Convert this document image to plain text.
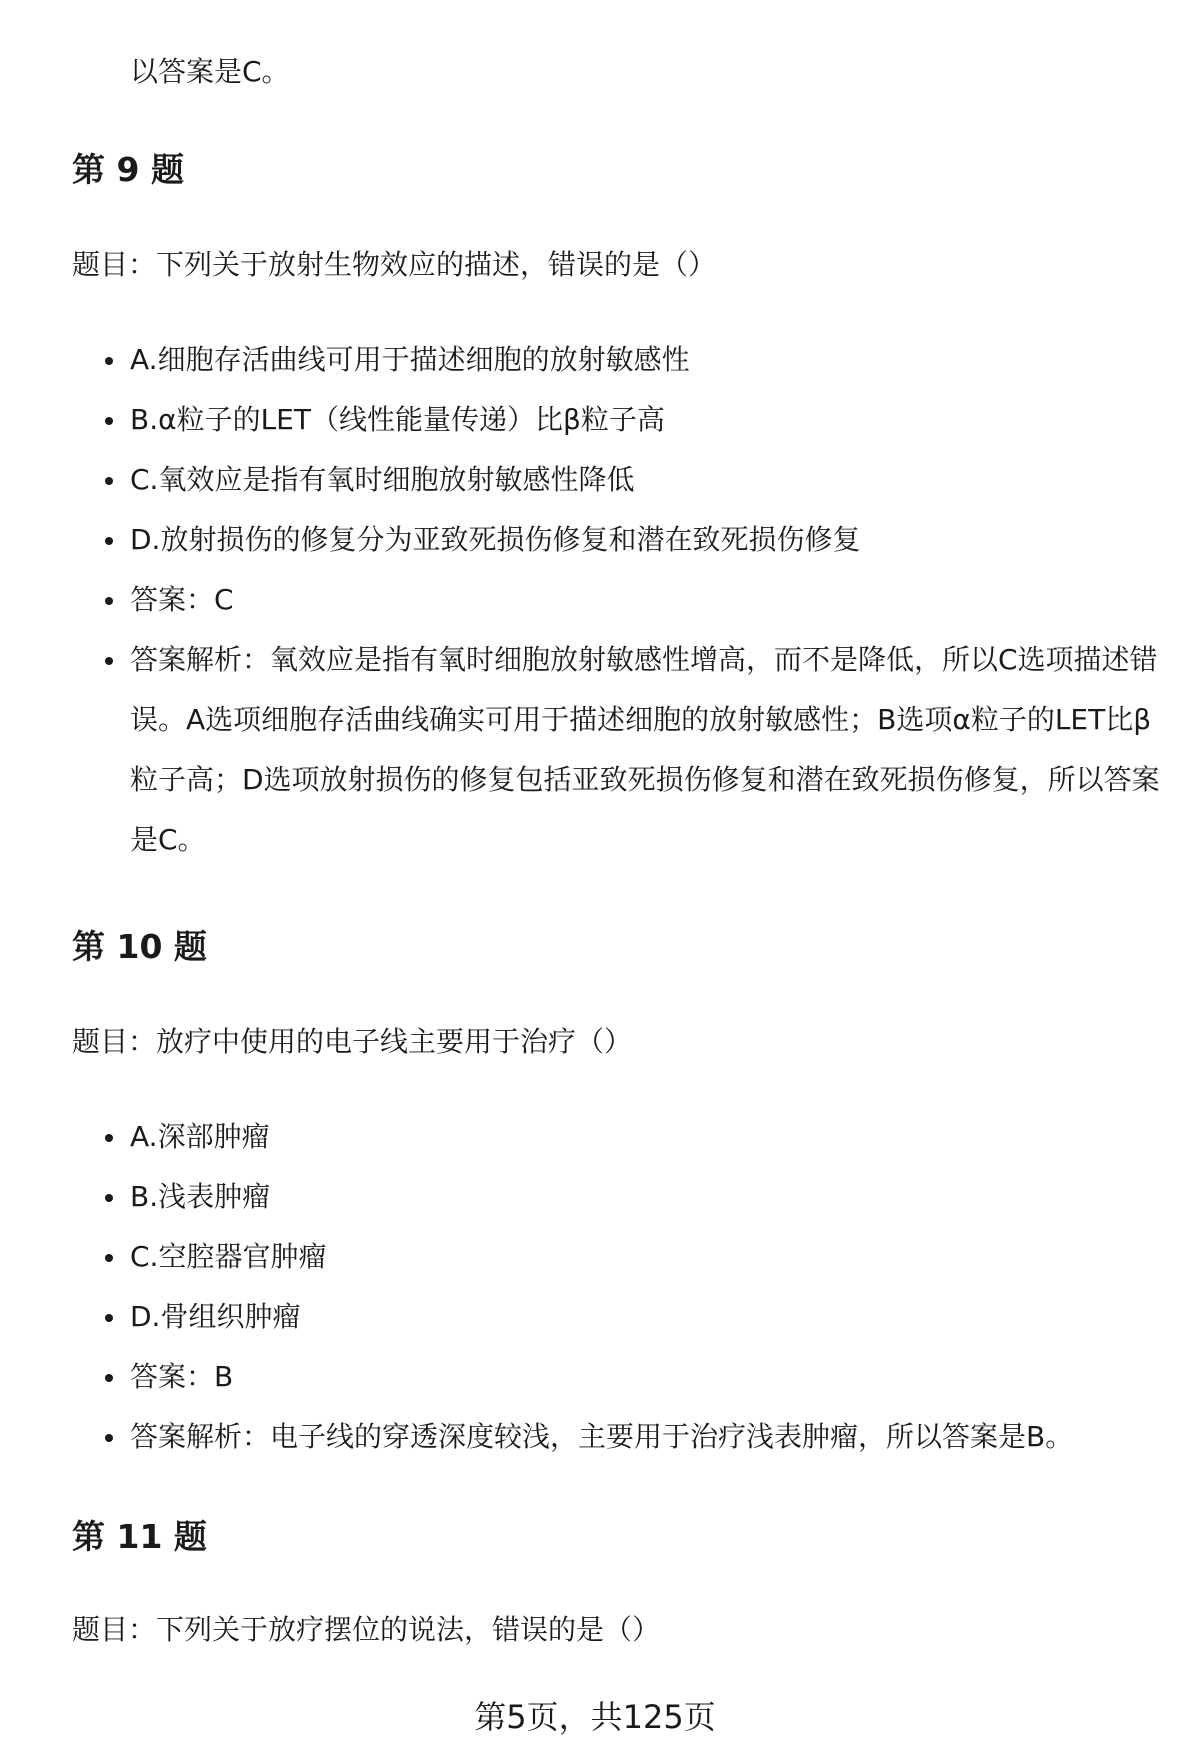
以答案是C。
第 9 题
题目：下列关于放射生物效应的描述，错误的是（）
A.细胞存活曲线可用于描述细胞的放射敏感性
B.α粒子的LET（线性能量传递）比β粒子高
C.氧效应是指有氧时细胞放射敏感性降低
D.放射损伤的修复分为亚致死损伤修复和潜在致死损伤修复
答案：C
答案解析：氧效应是指有氧时细胞放射敏感性增高，而不是降低，所以C选项描述错误。A选项细胞存活曲线确实可用于描述细胞的放射敏感性；B选项α粒子的LET比β粒子高；D选项放射损伤的修复包括亚致死损伤修复和潜在致死损伤修复，所以答案是C。
第 10 题
题目：放疗中使用的电子线主要用于治疗（）
A.深部肿瘤
B.浅表肿瘤
C.空腔器官肿瘤
D.骨组织肿瘤
答案：B
答案解析：电子线的穿透深度较浅，主要用于治疗浅表肿瘤，所以答案是B。
第 11 题
题目：下列关于放疗摆位的说法，错误的是（）
第5页，共125页
